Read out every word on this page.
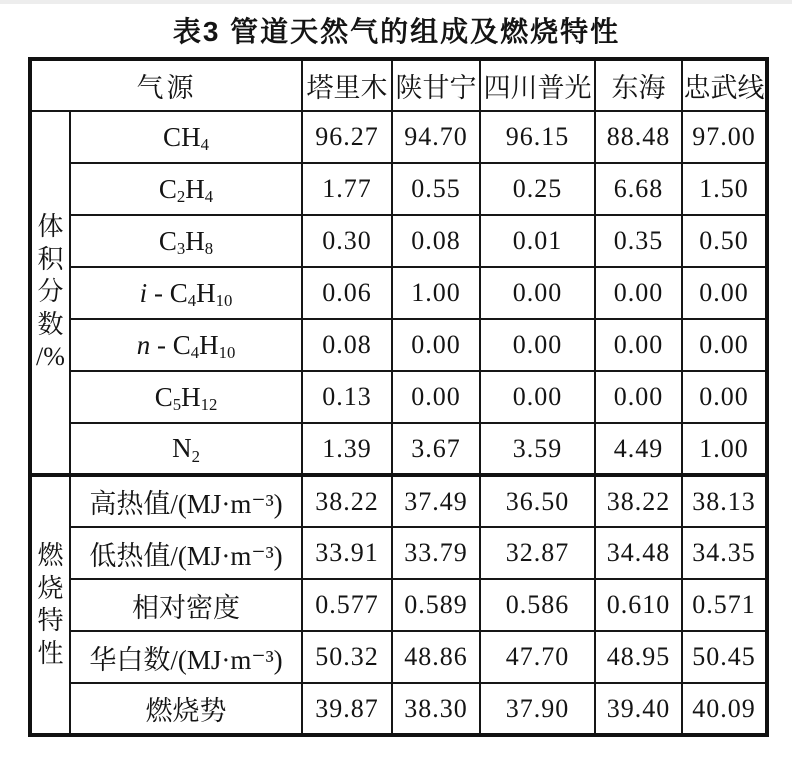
表3 管道天然气的组成及燃烧特性
气源		塔里木	陕甘宁	四川普光	东海	忠武线

体积分数/%	$CH_4$	96.27	94.70	96.15	88.48	97.00
	$C_2H_4$	1.77	0.55	0.25	6.68	1.50
	$C_3H_8$	0.30	0.08	0.01	0.35	0.50
	i - $C_4H_{10}$	0.06	1.00	0.00	0.00	0.00
	n - $C_4H_{10}$	0.08	0.00	0.00	0.00	0.00
	$C_5H_{12}$	0.13	0.00	0.00	0.00	0.00
	$N_2$	1.39	3.67	3.59	4.49	1.00

燃烧特性	高热值/(MJ·m⁻³)	38.22	37.49	36.50	38.22	38.13
	低热值/(MJ·m⁻³)	33.91	33.79	32.87	34.48	34.35
	相对密度	0.577	0.589	0.586	0.610	0.571
	华白数/(MJ·m⁻³)	50.32	48.86	47.70	48.95	50.45
	燃烧势	39.87	38.30	37.90	39.40	40.09
